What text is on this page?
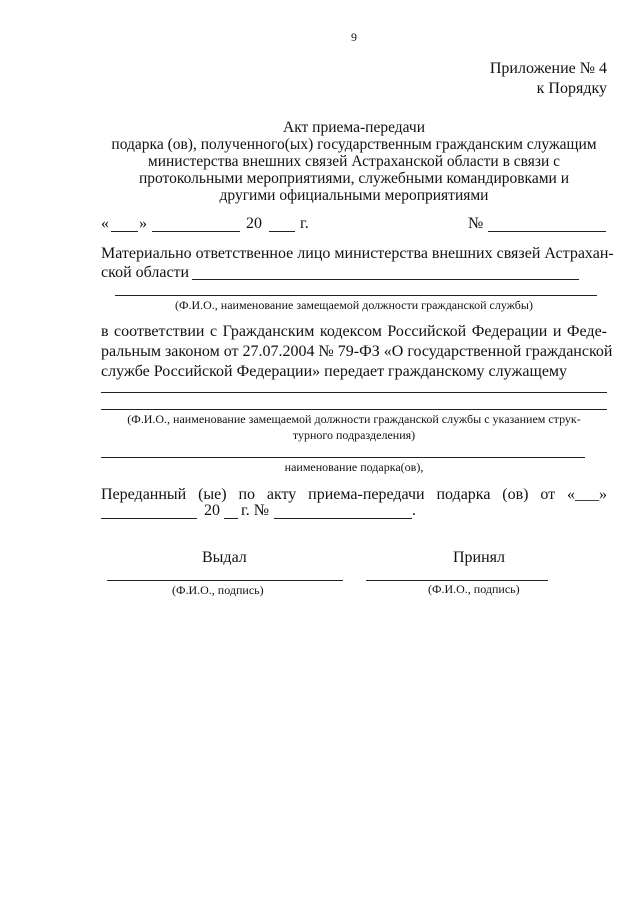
9
Приложение № 4
к Порядку
Акт приема-передачи
подарка (ов), полученного(ых) государственным гражданским служащим
министерства внешних связей Астраханской области в связи с
протокольными мероприятиями, служебными командировками и
другими официальными мероприятиями
« »	20 г.	№
Материально ответственное лицо министерства внешних связей Астрахан-
ской области
(Ф.И.О., наименование замещаемой должности гражданской службы)
в соответствии с Гражданским кодексом Российской Федерации и Феде-
ральным законом от 27.07.2004 № 79-ФЗ «О государственной гражданской
службе Российской Федерации» передает гражданскому служащему
(Ф.И.О., наименование замещаемой должности гражданской службы с указанием струк-
турного подразделения)
наименование подарка(ов),
Переданный (ые) по акту приема-передачи подарка (ов) от «___»
20 г. №	.
Выдал	Принял
(Ф.И.О., подпись)	(Ф.И.О., подпись)
